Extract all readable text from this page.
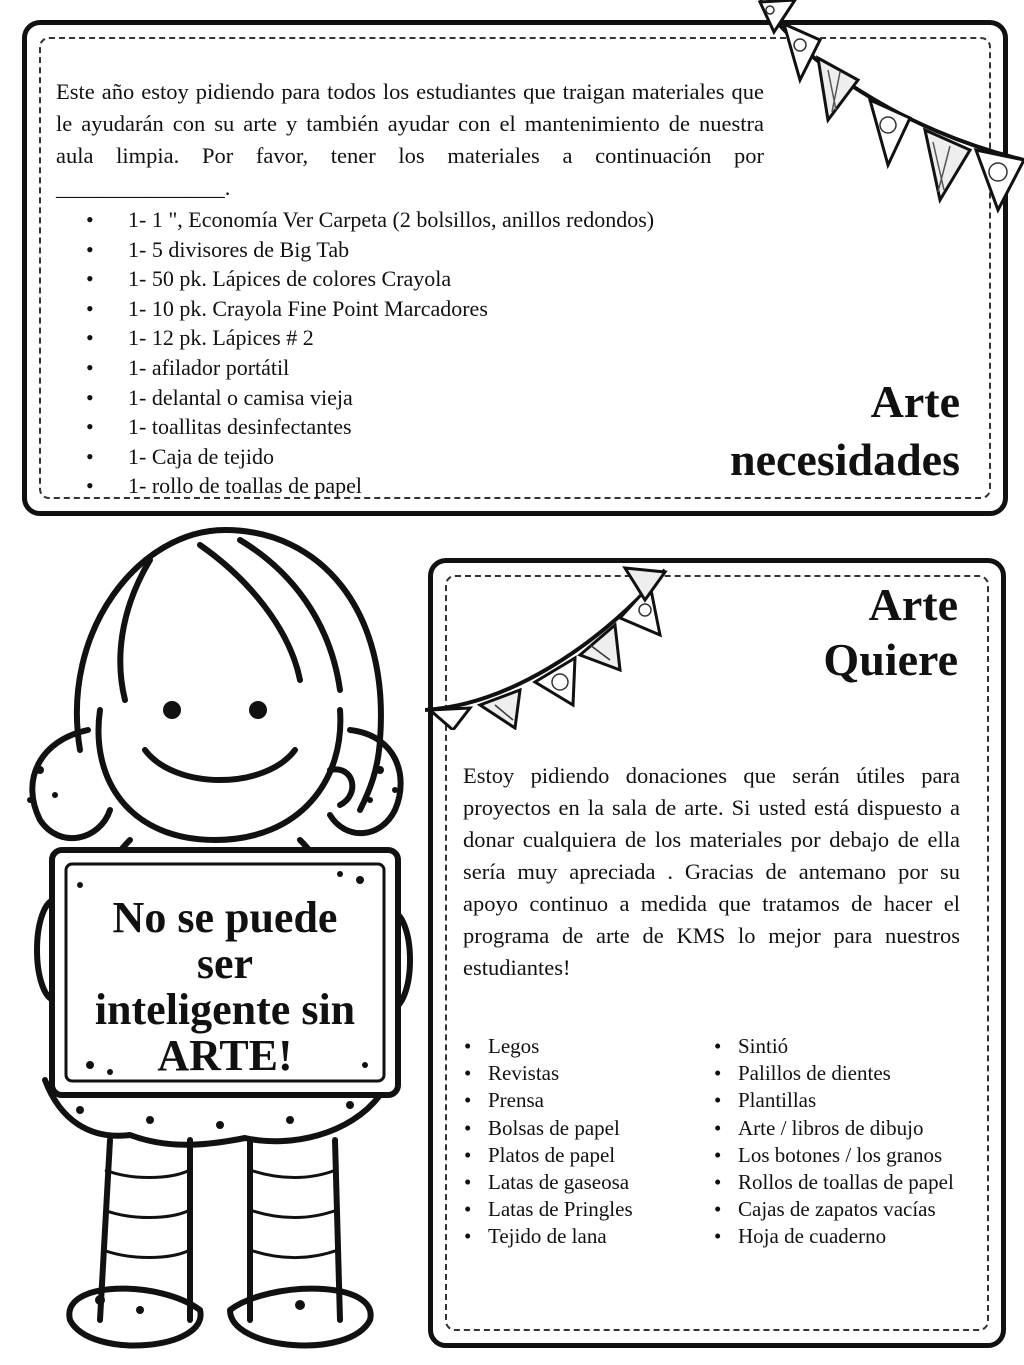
Este año estoy pidiendo para todos los estudiantes que traigan materiales que le ayudarán con su arte y también ayudar con el mantenimiento de nuestra aula limpia. Por favor, tener los materiales a continuación por _______________.

• 1- 1 ", Economía Ver Carpeta (2 bolsillos, anillos redondos)
• 1- 5 divisores de Big Tab
• 1- 50 pk. Lápices de colores Crayola
• 1- 10 pk. Crayola Fine Point Marcadores
• 1- 12 pk. Lápices # 2
• 1- afilador portátil
• 1- delantal o camisa vieja
• 1- toallitas desinfectantes
• 1- Caja de tejido
• 1- rollo de toallas de papel
Arte
necesidades

No se puede
ser
inteligente sin
ARTE!

Arte
Quiere

Estoy pidiendo donaciones que serán útiles para proyectos en la sala de arte. Si usted está dispuesto a donar cualquiera de los materiales por debajo de ella sería muy apreciada . Gracias de antemano por su apoyo continuo a medida que tratamos de hacer el programa de arte de KMS lo mejor para nuestros estudiantes!

• Legos
• Revistas
• Prensa
• Bolsas de papel
• Platos de papel
• Latas de gaseosa
• Latas de Pringles
• Tejido de lana
• Sintió
• Palillos de dientes
• Plantillas
• Arte / libros de dibujo
• Los botones / los granos
• Rollos de toallas de papel
• Cajas de zapatos vacías
• Hoja de cuaderno
